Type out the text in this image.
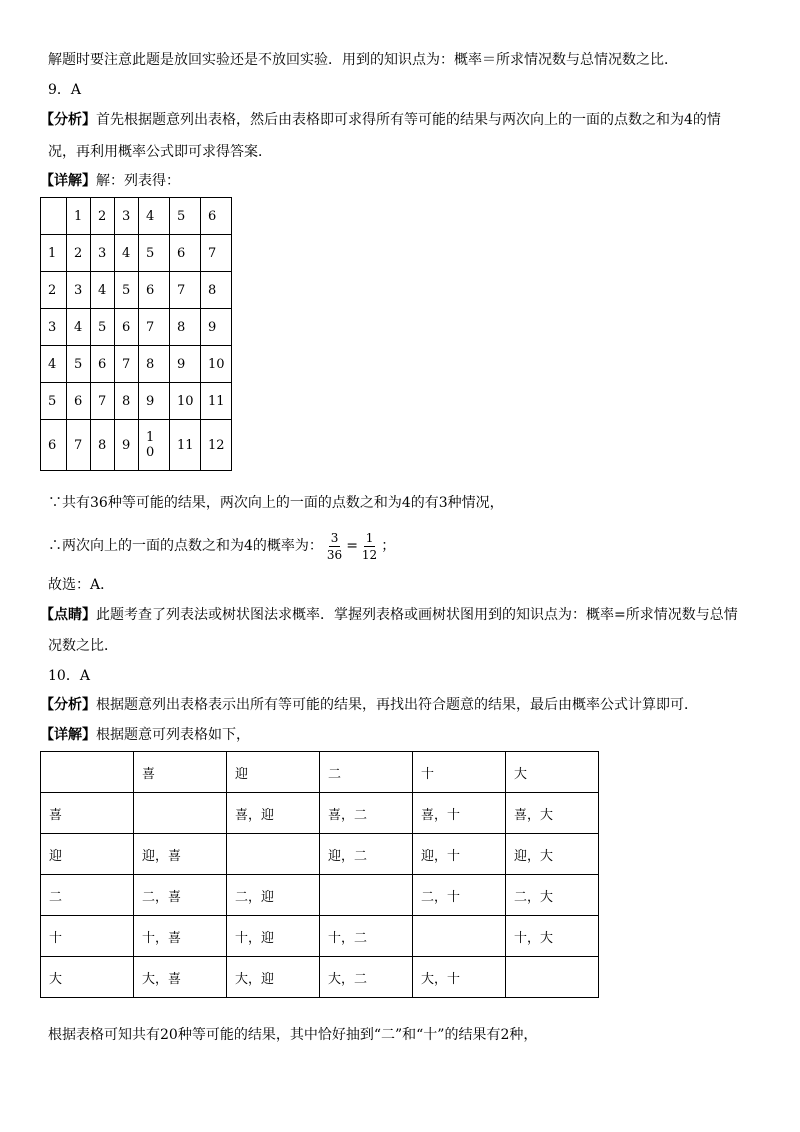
解题时要注意此题是放回实验还是不放回实验．用到的知识点为：概率＝所求情况数与总情况数之比．
9．A
【分析】首先根据题意列出表格，然后由表格即可求得所有等可能的结果与两次向上的一面的点数之和为4的情
况，再利用概率公式即可求得答案．
【详解】解：列表得：
	1	2	3	4	5	6
1	2	3	4	5	6	7
2	3	4	5	6	7	8
3	4	5	6	7	8	9
4	5	6	7	8	9	10
5	6	7	8	9	10	11
6	7	8	9	10	11	12
∵共有36种等可能的结果，两次向上的一面的点数之和为4的有3种情况，
∴两次向上的一面的点数之和为4的概率为： $\frac{3}{36} = \frac{1}{12}$ ；
故选：A．
【点睛】此题考查了列表法或树状图法求概率．掌握列表格或画树状图用到的知识点为：概率=所求情况数与总情
况数之比．
10．A
【分析】根据题意列出表格表示出所有等可能的结果，再找出符合题意的结果，最后由概率公式计算即可．
【详解】根据题意可列表格如下，
	喜	迎	二	十	大
喜		喜，迎	喜，二	喜，十	喜，大
迎	迎，喜		迎，二	迎，十	迎，大
二	二，喜	二，迎		二，十	二，大
十	十，喜	十，迎	十，二		十，大
大	大，喜	大，迎	大，二	大，十	
根据表格可知共有20种等可能的结果，其中恰好抽到“二”和“十”的结果有2种，
